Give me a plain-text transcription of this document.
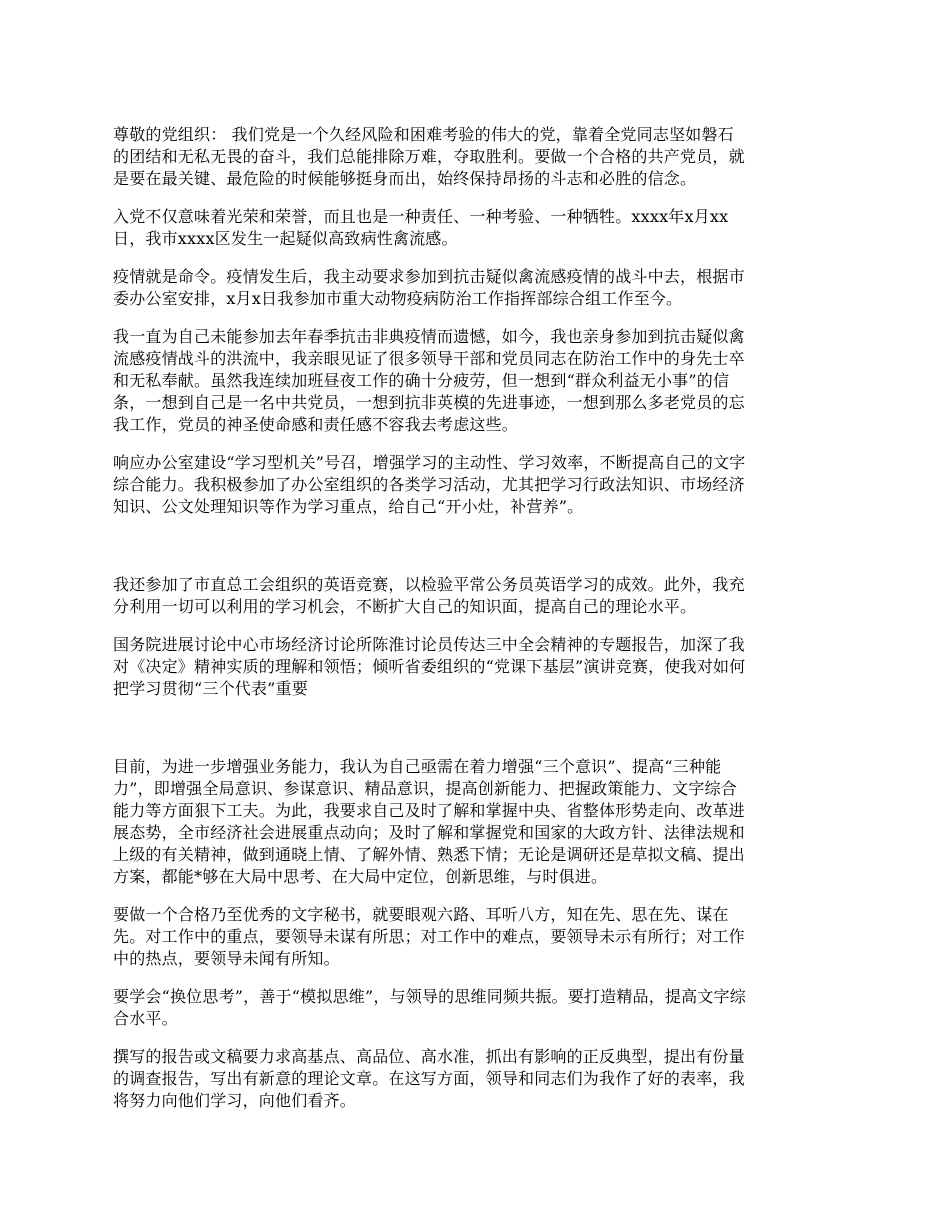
尊敬的党组织： 我们党是一个久经风险和困难考验的伟大的党，靠着全党同志坚如磐石
的团结和无私无畏的奋斗，我们总能排除万难，夺取胜利。要做一个合格的共产党员，就
是要在最关键、最危险的时候能够挺身而出，始终保持昂扬的斗志和必胜的信念。

入党不仅意味着光荣和荣誉，而且也是一种责任、一种考验、一种牺牲。xxxx年x月xx
日，我市xxxx区发生一起疑似高致病性禽流感。

疫情就是命令。疫情发生后，我主动要求参加到抗击疑似禽流感疫情的战斗中去，根据市
委办公室安排，x月x日我参加市重大动物疫病防治工作指挥部综合组工作至今。

我一直为自己未能参加去年春季抗击非典疫情而遗憾，如今，我也亲身参加到抗击疑似禽
流感疫情战斗的洪流中，我亲眼见证了很多领导干部和党员同志在防治工作中的身先士卒
和无私奉献。虽然我连续加班昼夜工作的确十分疲劳，但一想到“群众利益无小事”的信
条，一想到自己是一名中共党员，一想到抗非英模的先进事迹，一想到那么多老党员的忘
我工作，党员的神圣使命感和责任感不容我去考虑这些。

响应办公室建设“学习型机关”号召，增强学习的主动性、学习效率，不断提高自己的文字
综合能力。我积极参加了办公室组织的各类学习活动，尤其把学习行政法知识、市场经济
知识、公文处理知识等作为学习重点，给自己“开小灶，补营养”。

我还参加了市直总工会组织的英语竞赛，以检验平常公务员英语学习的成效。此外，我充
分利用一切可以利用的学习机会，不断扩大自己的知识面，提高自己的理论水平。

国务院进展讨论中心市场经济讨论所陈淮讨论员传达三中全会精神的专题报告，加深了我
对《决定》精神实质的理解和领悟；倾听省委组织的“党课下基层”演讲竞赛，使我对如何
把学习贯彻“三个代表”重要

目前，为进一步增强业务能力，我认为自己亟需在着力增强“三个意识”、提高“三种能
力”，即增强全局意识、参谋意识、精品意识，提高创新能力、把握政策能力、文字综合
能力等方面狠下工夫。为此，我要求自己及时了解和掌握中央、省整体形势走向、改革进
展态势，全市经济社会进展重点动向；及时了解和掌握党和国家的大政方针、法律法规和
上级的有关精神，做到通晓上情、了解外情、熟悉下情；无论是调研还是草拟文稿、提出
方案，都能*够在大局中思考、在大局中定位，创新思维，与时俱进。

要做一个合格乃至优秀的文字秘书，就要眼观六路、耳听八方，知在先、思在先、谋在
先。对工作中的重点，要领导未谋有所思；对工作中的难点，要领导未示有所行；对工作
中的热点，要领导未闻有所知。

要学会“换位思考”，善于“模拟思维”，与领导的思维同频共振。要打造精品，提高文字综
合水平。

撰写的报告或文稿要力求高基点、高品位、高水准，抓出有影响的正反典型，提出有份量
的调查报告，写出有新意的理论文章。在这写方面，领导和同志们为我作了好的表率，我
将努力向他们学习，向他们看齐。
